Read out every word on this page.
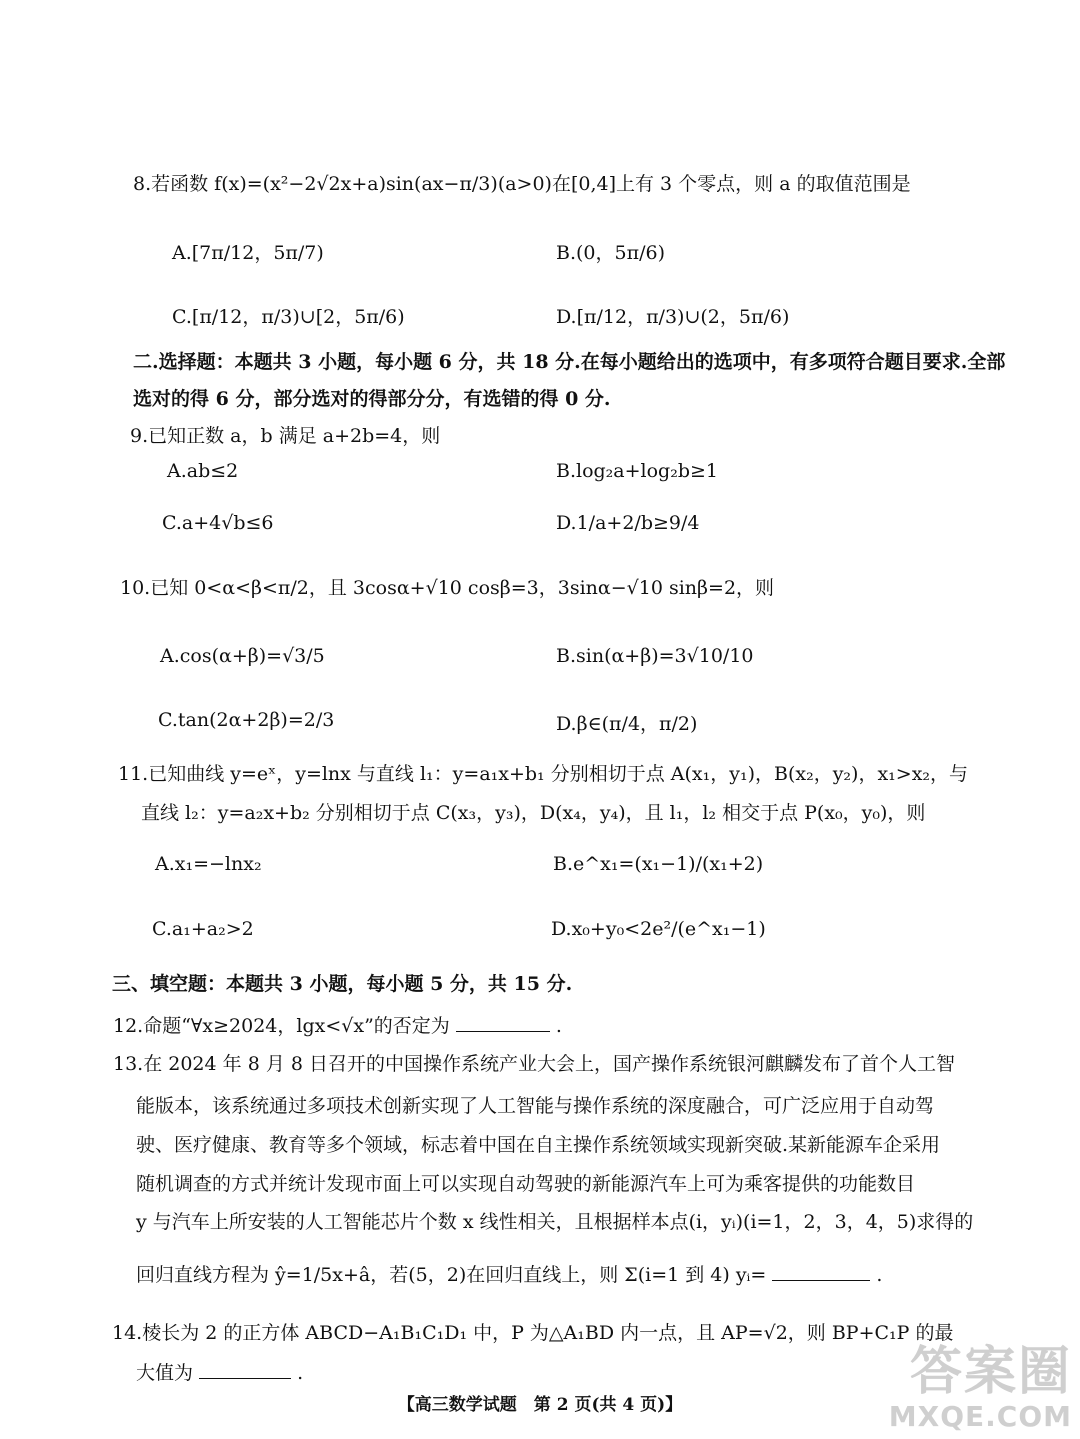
8.若函数 f(x)=(x²−2√2x+a)sin(ax−π/3)(a>0)在[0,4]上有 3 个零点，则 a 的取值范围是
A.[7π/12，5π/7)	B.(0，5π/6)
C.[π/12，π/3)∪[2，5π/6)	D.[π/12，π/3)∪(2，5π/6)
二.选择题：本题共 3 小题，每小题 6 分，共 18 分.在每小题给出的选项中，有多项符合题目要求.全部
选对的得 6 分，部分选对的得部分分，有选错的得 0 分.
9.已知正数 a，b 满足 a+2b=4，则
A.ab≤2	B.log₂a+log₂b≥1
C.a+4√b≤6	D.1/a+2/b≥9/4
10.已知 0<α<β<π/2，且 3cosα+√10 cosβ=3，3sinα−√10 sinβ=2，则
A.cos(α+β)=√3/5	B.sin(α+β)=3√10/10
C.tan(2α+2β)=2/3	D.β∈(π/4，π/2)
11.已知曲线 y=eˣ，y=lnx 与直线 l₁：y=a₁x+b₁ 分别相切于点 A(x₁，y₁)，B(x₂，y₂)，x₁>x₂，与
直线 l₂：y=a₂x+b₂ 分别相切于点 C(x₃，y₃)，D(x₄，y₄)，且 l₁，l₂ 相交于点 P(x₀，y₀)，则
A.x₁=−lnx₂	B.e^x₁=(x₁−1)/(x₁+2)
C.a₁+a₂>2	D.x₀+y₀<2e²/(e^x₁−1)
三、填空题：本题共 3 小题，每小题 5 分，共 15 分.
12.命题“∀x≥2024，lgx<√x”的否定为	.
13.在 2024 年 8 月 8 日召开的中国操作系统产业大会上，国产操作系统银河麒麟发布了首个人工智
能版本，该系统通过多项技术创新实现了人工智能与操作系统的深度融合，可广泛应用于自动驾
驶、医疗健康、教育等多个领域，标志着中国在自主操作系统领域实现新突破.某新能源车企采用
随机调查的方式并统计发现市面上可以实现自动驾驶的新能源汽车上可为乘客提供的功能数目
y 与汽车上所安装的人工智能芯片个数 x 线性相关，且根据样本点(i，yᵢ)(i=1，2，3，4，5)求得的
回归直线方程为 ŷ=1/5x+â，若(5，2)在回归直线上，则 Σ(i=1 到 4) yᵢ=	.
14.棱长为 2 的正方体 ABCD−A₁B₁C₁D₁ 中，P 为△A₁BD 内一点，且 AP=√2，则 BP+C₁P 的最
大值为	.
【高三数学试题　第 2 页(共 4 页)】
答案圈
MXQE.COM
